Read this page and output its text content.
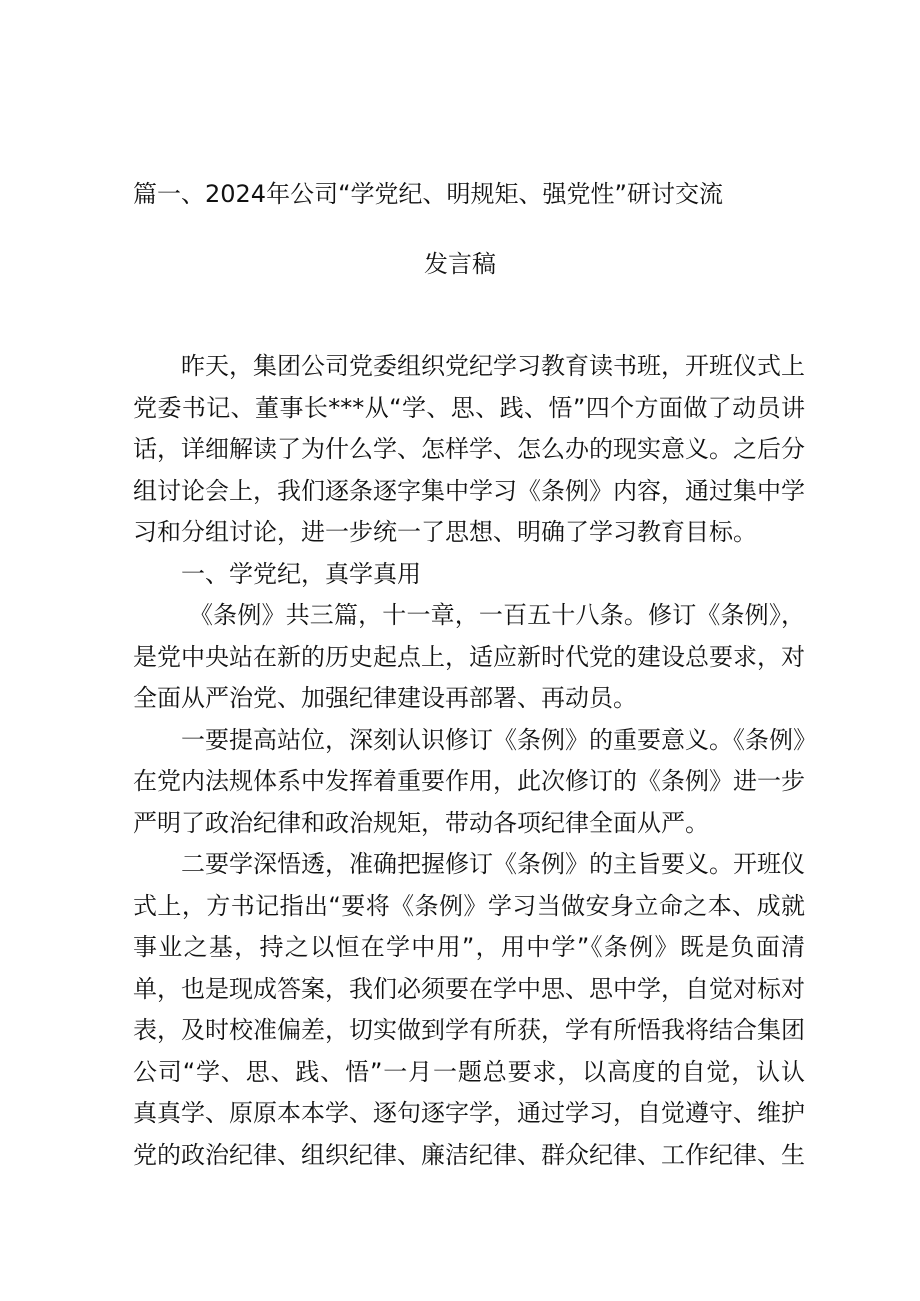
篇一、2024年公司“学党纪、明规矩、强党性”研讨交流
发言稿

昨天，集团公司党委组织党纪学习教育读书班，开班仪式上党委书记、董事长***从“学、思、践、悟”四个方面做了动员讲话，详细解读了为什么学、怎样学、怎么办的现实意义。之后分组讨论会上，我们逐条逐字集中学习《条例》内容，通过集中学习和分组讨论，进一步统一了思想、明确了学习教育目标。

一、学党纪，真学真用

《条例》共三篇，十一章，一百五十八条。修订《条例》，是党中央站在新的历史起点上，适应新时代党的建设总要求，对全面从严治党、加强纪律建设再部署、再动员。

一要提高站位，深刻认识修订《条例》的重要意义。《条例》在党内法规体系中发挥着重要作用，此次修订的《条例》进一步严明了政治纪律和政治规矩，带动各项纪律全面从严。

二要学深悟透，准确把握修订《条例》的主旨要义。开班仪式上，方书记指出“要将《条例》学习当做安身立命之本、成就事业之基，持之以恒在学中用”，用中学”《条例》既是负面清单，也是现成答案，我们必须要在学中思、思中学，自觉对标对表，及时校准偏差，切实做到学有所获，学有所悟我将结合集团公司“学、思、践、悟”一月一题总要求，以高度的自觉，认认真真学、原原本本学、逐句逐字学，通过学习，自觉遵守、维护党的政治纪律、组织纪律、廉洁纪律、群众纪律、工作纪律、生
